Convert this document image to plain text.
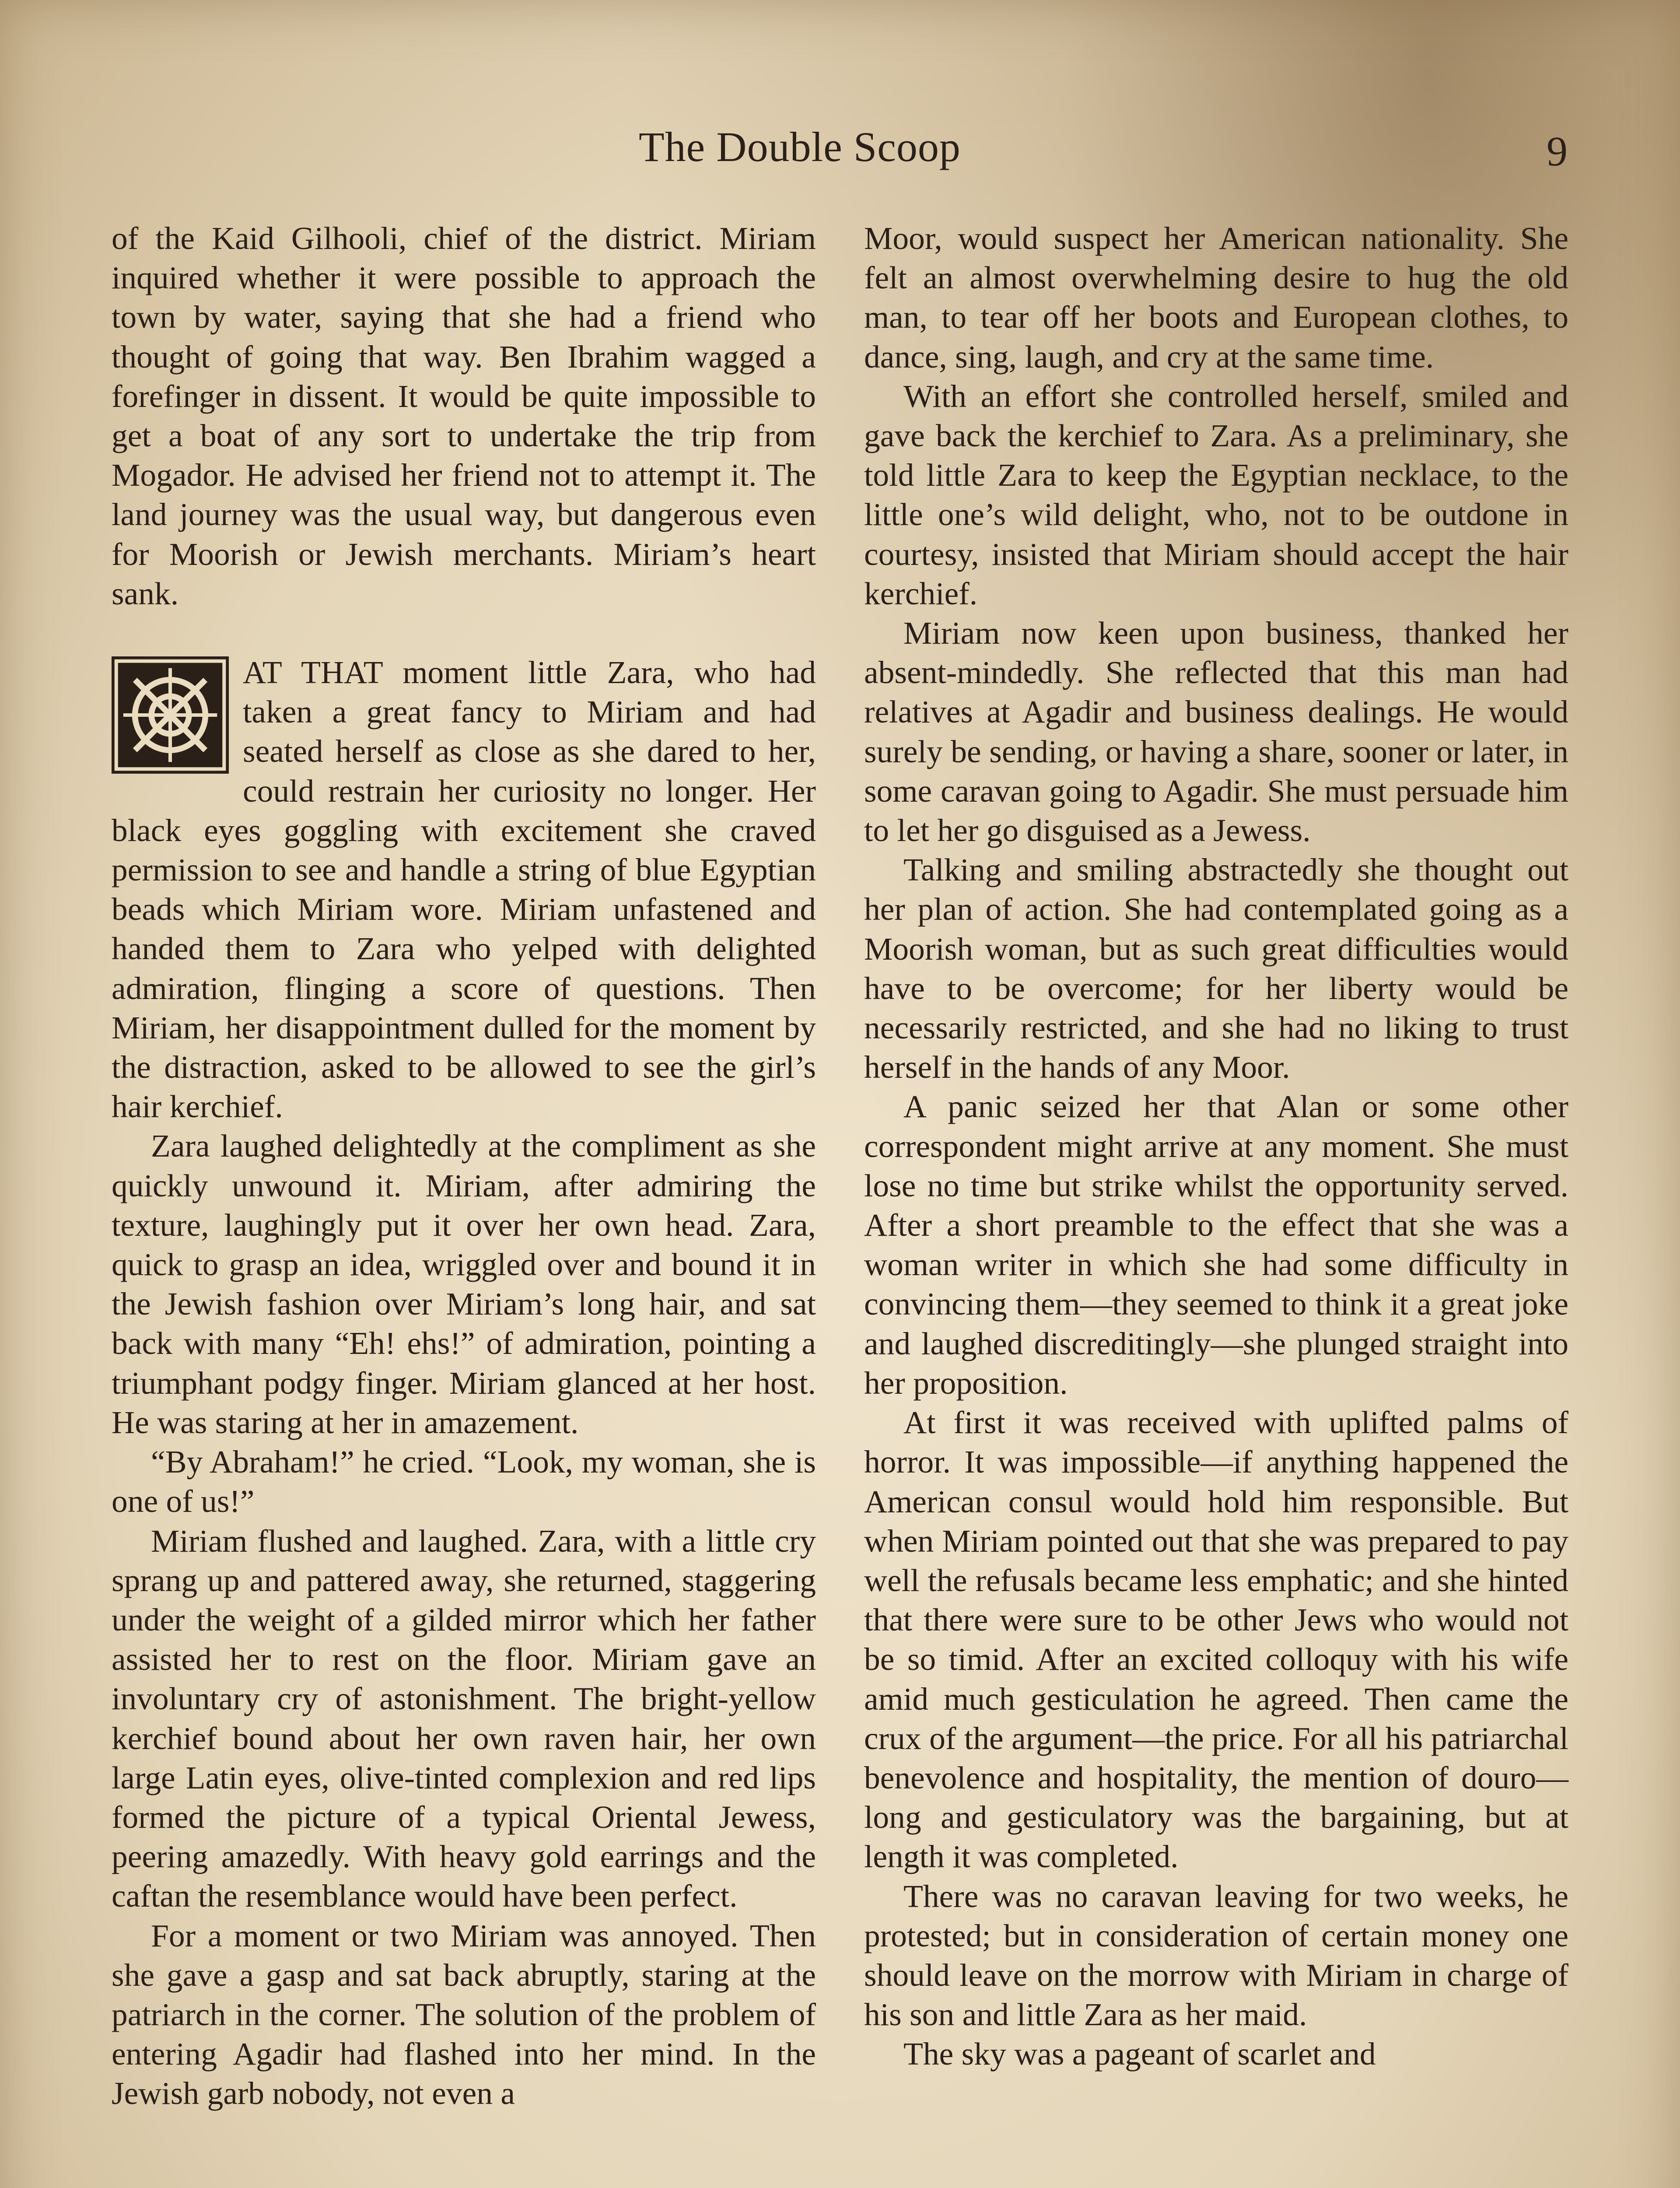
The Double Scoop	9

of the Kaid Gilhooli, chief of the district. Miriam inquired whether it were possible to approach the town by water, saying that she had a friend who thought of going that way. Ben Ibrahim wagged a forefinger in dissent. It would be quite impossible to get a boat of any sort to undertake the trip from Mogador. He advised her friend not to attempt it. The land journey was the usual way, but dangerous even for Moorish or Jewish merchants. Miriam’s heart sank.

AT THAT moment little Zara, who had taken a great fancy to Miriam and had seated herself as close as she dared to her, could restrain her curiosity no longer. Her black eyes goggling with excitement she craved permission to see and handle a string of blue Egyptian beads which Miriam wore. Miriam unfastened and handed them to Zara who yelped with delighted admiration, flinging a score of questions. Then Miriam, her disappointment dulled for the moment by the distraction, asked to be allowed to see the girl’s hair kerchief.

Zara laughed delightedly at the compliment as she quickly unwound it. Miriam, after admiring the texture, laughingly put it over her own head. Zara, quick to grasp an idea, wriggled over and bound it in the Jewish fashion over Miriam’s long hair, and sat back with many “Eh! ehs!” of admiration, pointing a triumphant podgy finger. Miriam glanced at her host. He was staring at her in amazement.

“By Abraham!” he cried. “Look, my woman, she is one of us!”

Miriam flushed and laughed. Zara, with a little cry sprang up and pattered away, she returned, staggering under the weight of a gilded mirror which her father assisted her to rest on the floor. Miriam gave an involuntary cry of astonishment. The bright-yellow kerchief bound about her own raven hair, her own large Latin eyes, olive-tinted complexion and red lips formed the picture of a typical Oriental Jewess, peering amazedly. With heavy gold earrings and the caftan the resemblance would have been perfect.

For a moment or two Miriam was annoyed. Then she gave a gasp and sat back abruptly, staring at the patriarch in the corner. The solution of the problem of entering Agadir had flashed into her mind. In the Jewish garb nobody, not even a

Moor, would suspect her American nationality. She felt an almost overwhelming desire to hug the old man, to tear off her boots and European clothes, to dance, sing, laugh, and cry at the same time.

With an effort she controlled herself, smiled and gave back the kerchief to Zara. As a preliminary, she told little Zara to keep the Egyptian necklace, to the little one’s wild delight, who, not to be outdone in courtesy, insisted that Miriam should accept the hair kerchief.

Miriam now keen upon business, thanked her absent-mindedly. She reflected that this man had relatives at Agadir and business dealings. He would surely be sending, or having a share, sooner or later, in some caravan going to Agadir. She must persuade him to let her go disguised as a Jewess.

Talking and smiling abstractedly she thought out her plan of action. She had contemplated going as a Moorish woman, but as such great difficulties would have to be overcome; for her liberty would be necessarily restricted, and she had no liking to trust herself in the hands of any Moor.

A panic seized her that Alan or some other correspondent might arrive at any moment. She must lose no time but strike whilst the opportunity served. After a short preamble to the effect that she was a woman writer in which she had some difficulty in convincing them—they seemed to think it a great joke and laughed discreditingly—she plunged straight into her proposition.

At first it was received with uplifted palms of horror. It was impossible—if anything happened the American consul would hold him responsible. But when Miriam pointed out that she was prepared to pay well the refusals became less emphatic; and she hinted that there were sure to be other Jews who would not be so timid. After an excited colloquy with his wife amid much gesticulation he agreed. Then came the crux of the argument—the price. For all his patriarchal benevolence and hospitality, the mention of douro—long and gesticulatory was the bargaining, but at length it was completed.

There was no caravan leaving for two weeks, he protested; but in consideration of certain money one should leave on the morrow with Miriam in charge of his son and little Zara as her maid.

The sky was a pageant of scarlet and
